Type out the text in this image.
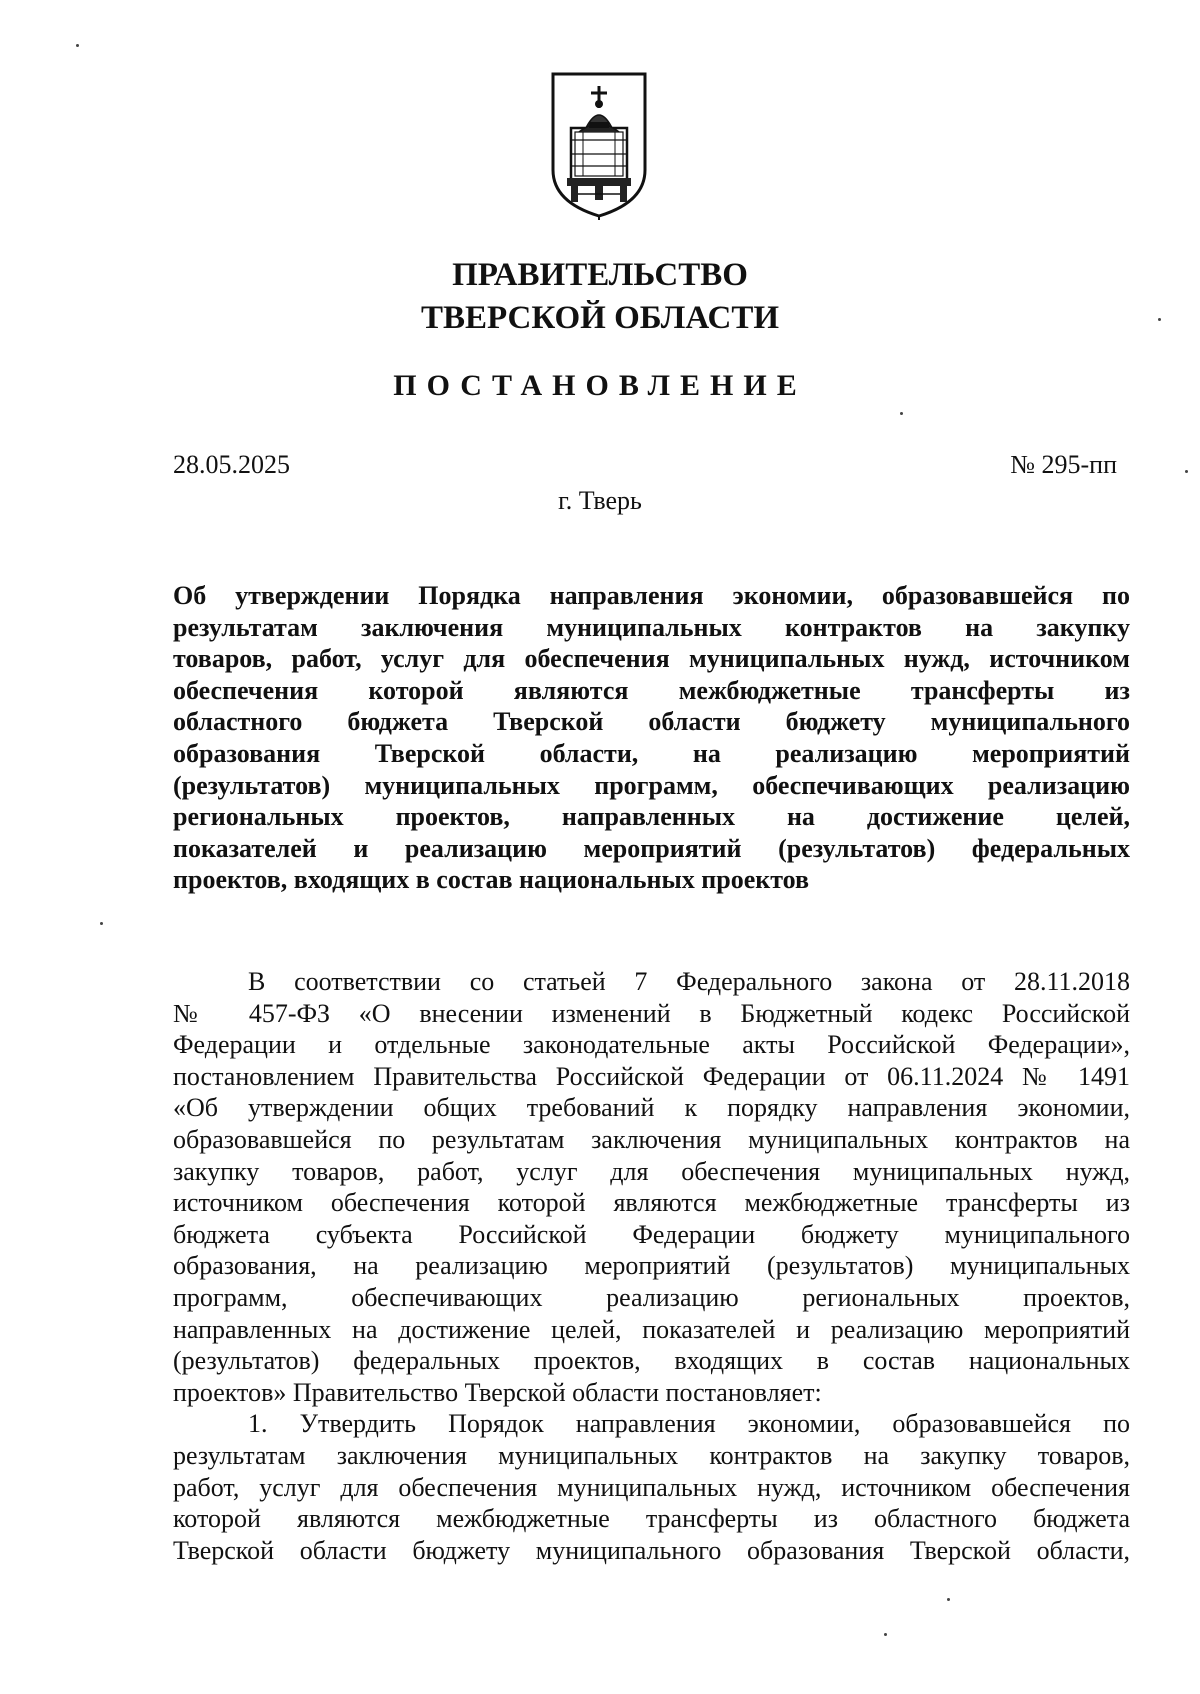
ПРАВИТЕЛЬСТВО
ТВЕРСКОЙ ОБЛАСТИ
ПОСТАНОВЛЕНИЕ
28.05.2025	№ 295-пп
г. Тверь
Об утверждении Порядка направления экономии, образовавшейся по
результатам заключения муниципальных контрактов на закупку
товаров, работ, услуг для обеспечения муниципальных нужд, источником
обеспечения которой являются межбюджетные трансферты из
областного бюджета Тверской области бюджету муниципального
образования Тверской области, на реализацию мероприятий
(результатов) муниципальных программ, обеспечивающих реализацию
региональных проектов, направленных на достижение целей,
показателей и реализацию мероприятий (результатов) федеральных
проектов, входящих в состав национальных проектов
В соответствии со статьей 7 Федерального закона от 28.11.2018
№ 457-ФЗ «О внесении изменений в Бюджетный кодекс Российской
Федерации и отдельные законодательные акты Российской Федерации»,
постановлением Правительства Российской Федерации от 06.11.2024 № 1491
«Об утверждении общих требований к порядку направления экономии,
образовавшейся по результатам заключения муниципальных контрактов на
закупку товаров, работ, услуг для обеспечения муниципальных нужд,
источником обеспечения которой являются межбюджетные трансферты из
бюджета субъекта Российской Федерации бюджету муниципального
образования, на реализацию мероприятий (результатов) муниципальных
программ, обеспечивающих реализацию региональных проектов,
направленных на достижение целей, показателей и реализацию мероприятий
(результатов) федеральных проектов, входящих в состав национальных
проектов» Правительство Тверской области постановляет:
1. Утвердить Порядок направления экономии, образовавшейся по
результатам заключения муниципальных контрактов на закупку товаров,
работ, услуг для обеспечения муниципальных нужд, источником обеспечения
которой являются межбюджетные трансферты из областного бюджета
Тверской области бюджету муниципального образования Тверской области,
